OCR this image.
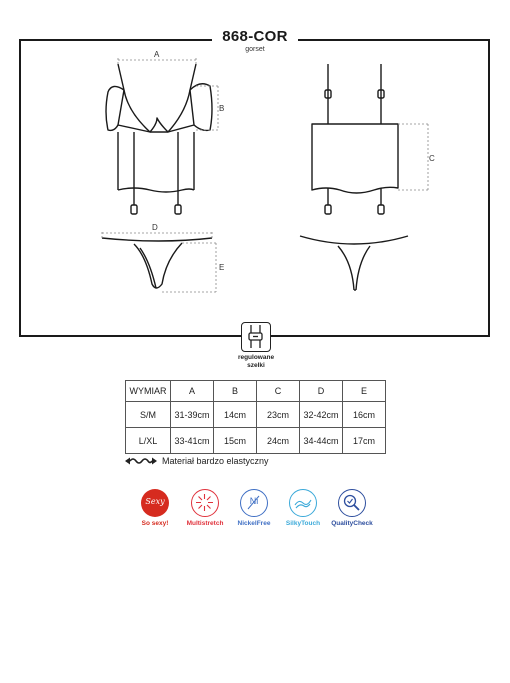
868-COR
gorset
A
B
C
D
E
regulowane
szelki
WYMIAR	A	B	C	D	E
S/M	31-39cm	14cm	23cm	32-42cm	16cm
L/XL	33-41cm	15cm	24cm	34-44cm	17cm
Materiał bardzo elastyczny
Sexy
So sexy!	Multistretch
Ni
NickelFree	SilkyTouch	QualityCheck
